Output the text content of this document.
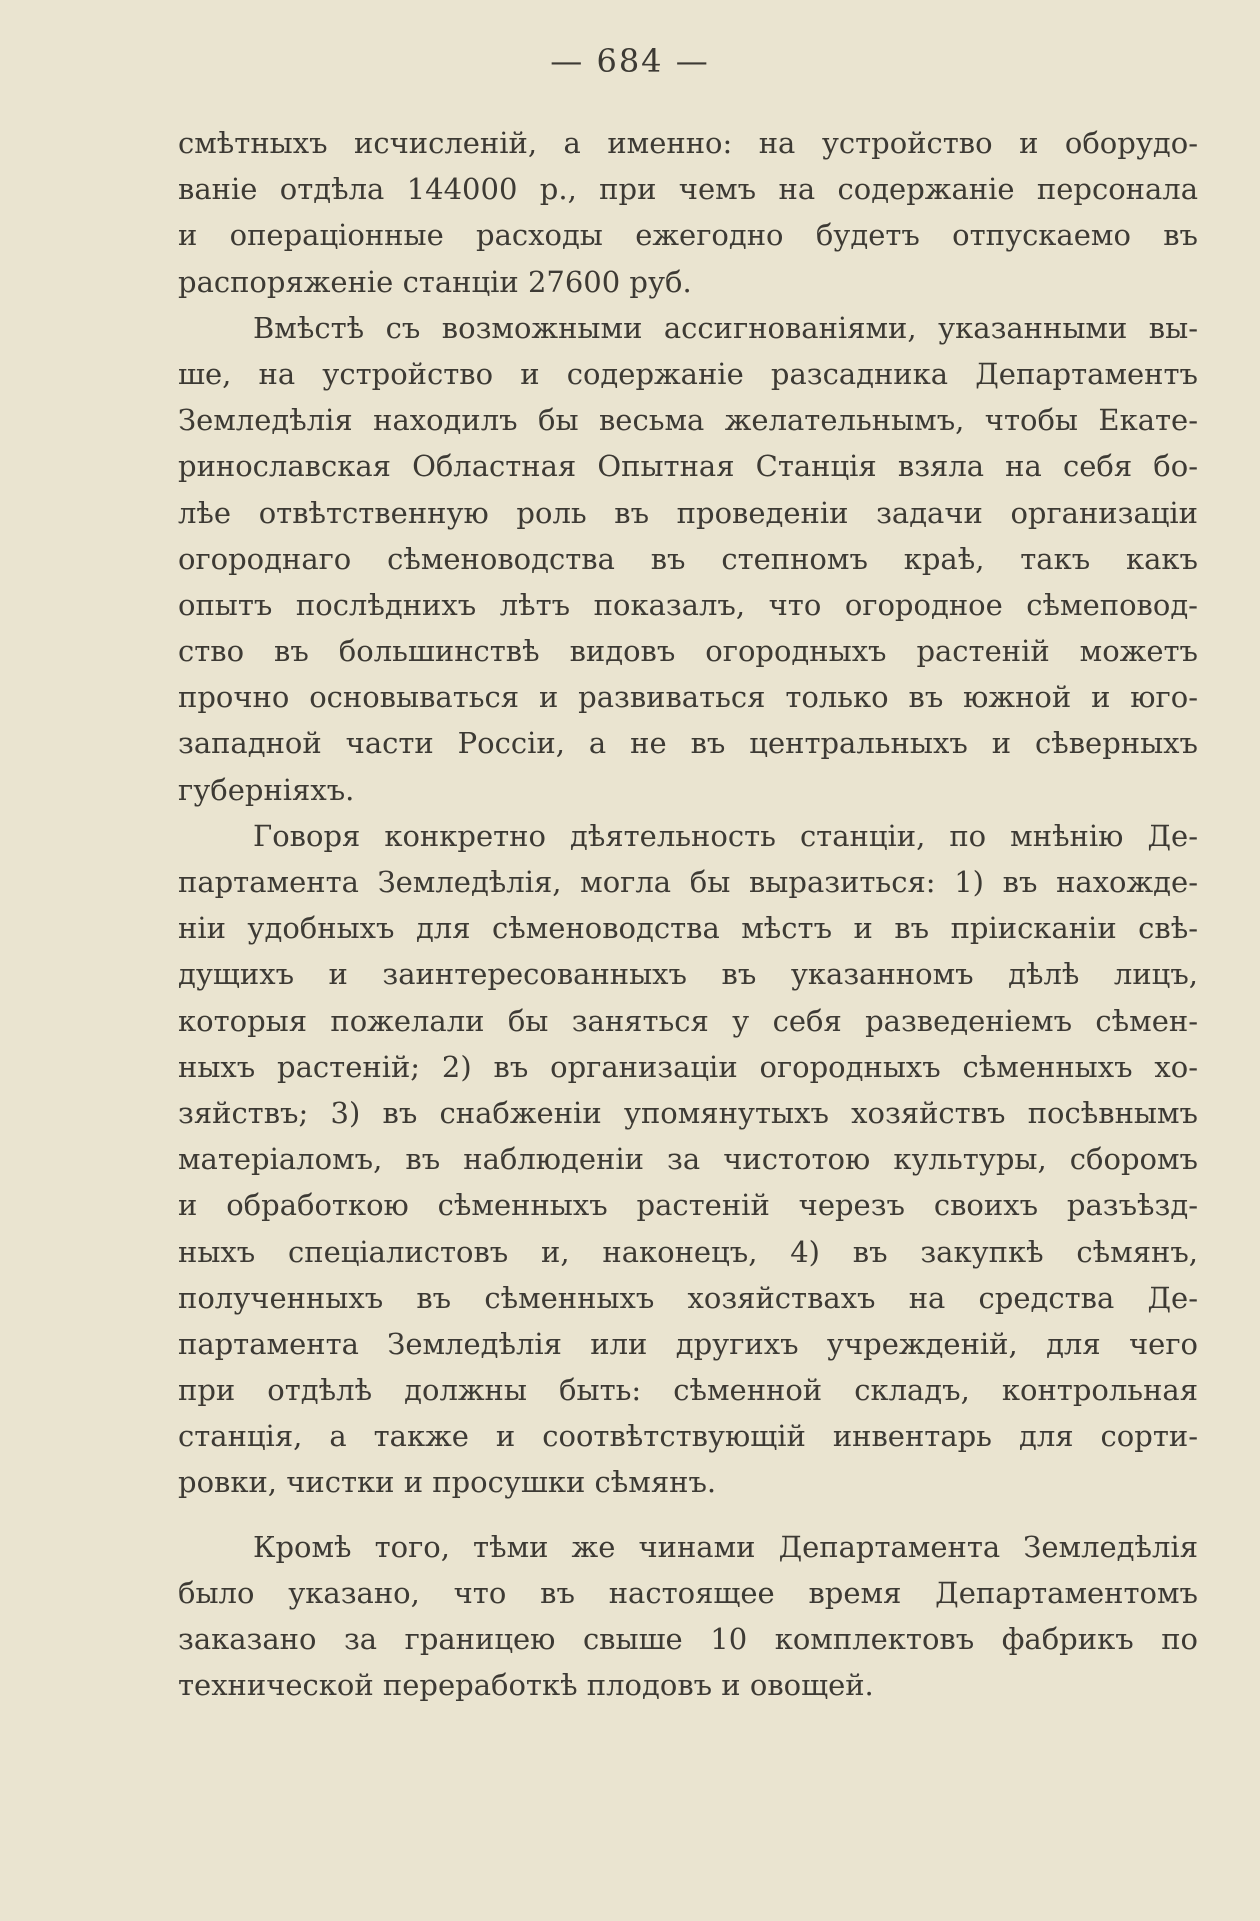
— 684 —
смѣтныхъ исчисленій, а именно: на устройство и оборудо-
ваніе отдѣла 144000 р., при чемъ на содержаніе персонала
и операціонные расходы ежегодно будетъ отпускаемо въ
распоряженіе станціи 27600 руб.
Вмѣстѣ съ возможными ассигнованіями, указанными вы-
ше, на устройство и содержаніе разсадника Департаментъ
Земледѣлія находилъ бы весьма желательнымъ, чтобы Екате-
ринославская Областная Опытная Станція взяла на себя бо-
лѣе отвѣтственную роль въ проведеніи задачи организаціи
огороднаго сѣменоводства въ степномъ краѣ, такъ какъ
опытъ послѣднихъ лѣтъ показалъ, что огородное сѣмеповод-
ство въ большинствѣ видовъ огородныхъ растеній можетъ
прочно основываться и развиваться только въ южной и юго-
западной части Россіи, а не въ центральныхъ и сѣверныхъ
губерніяхъ.
Говоря конкретно дѣятельность станціи, по мнѣнію Де-
партамента Земледѣлія, могла бы выразиться: 1) въ нахожде-
ніи удобныхъ для сѣменоводства мѣстъ и въ пріисканіи свѣ-
дущихъ и заинтересованныхъ въ указанномъ дѣлѣ лицъ,
которыя пожелали бы заняться у себя разведеніемъ сѣмен-
ныхъ растеній; 2) въ организаціи огородныхъ сѣменныхъ хо-
зяйствъ; 3) въ снабженіи упомянутыхъ хозяйствъ посѣвнымъ
матеріаломъ, въ наблюденіи за чистотою культуры, сборомъ
и обработкою сѣменныхъ растеній черезъ своихъ разъѣзд-
ныхъ спеціалистовъ и, наконецъ, 4) въ закупкѣ сѣмянъ,
полученныхъ въ сѣменныхъ хозяйствахъ на средства Де-
партамента Земледѣлія или другихъ учрежденій, для чего
при отдѣлѣ должны быть: сѣменной складъ, контрольная
станція, а также и соотвѣтствующій инвентарь для сорти-
ровки, чистки и просушки сѣмянъ.
Кромѣ того, тѣми же чинами Департамента Земледѣлія
было указано, что въ настоящее время Департаментомъ
заказано за границею свыше 10 комплектовъ фабрикъ по
технической переработкѣ плодовъ и овощей.
